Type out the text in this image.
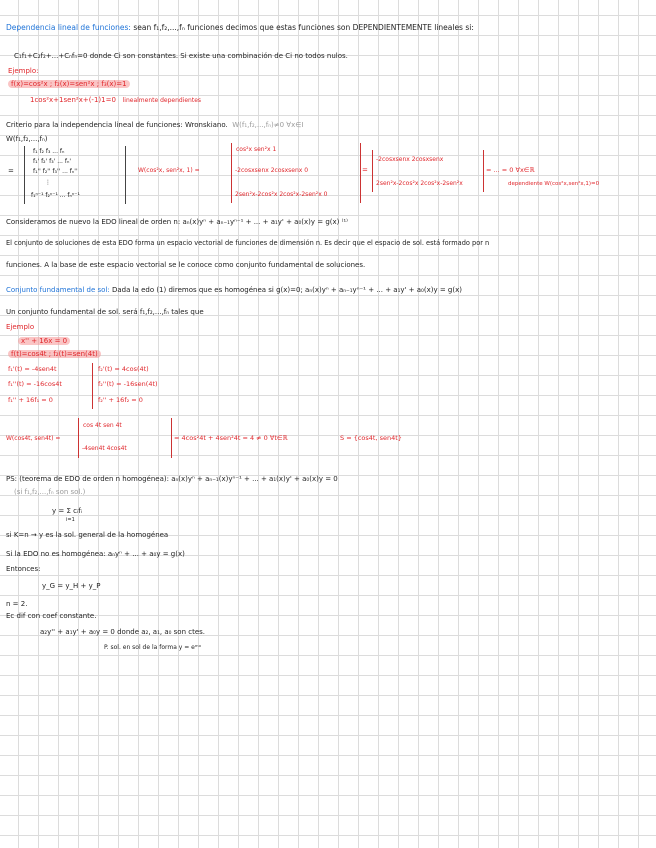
Dependencia lineal de funciones: sean f₁,f₂,...,fₙ funciones decimos que estas funciones son DEPENDIENTEMENTE lineales si:
C₁f₁+C₂f₂+...+Cₙfₙ=0 donde Ci son constantes. Si existe una combinación de Ci no todos nulos.
Ejemplo:
f(x)=cos²x ; f₂(x)=sen²x ; f₃(x)=1
1cos²x+1sen²x+(-1)1=0 linealmente dependientes
Criterio para la independencia lineal de funciones: Wronskiano. W(f₁,f₂,...,fₙ)≠0 ∀x∈I
W(f₁,f₂,...,fₙ)
=
f₁ f₂ f₃ ... fₙ
f₁' f₂' f₃' ... fₙ'
f₁'' f₂'' f₃'' ... fₙ''
⋮
f₁ⁿ⁻¹ f₂ⁿ⁻¹ ... fₙⁿ⁻¹
W(cos²x, sen²x, 1) =
cos²x sen²x 1
-2cosxsenx 2cosxsenx 0
2sen²x-2cos²x 2cos²x-2sen²x 0
=
-2cosxsenx 2cosxsenx
2sen²x-2cos²x 2cos²x-2sen²x
= ... = 0 ∀x∈ℝ
dependiente W(cos²x,sen²x,1)=0
Consideramos de nuevo la EDO lineal de orden n: aₙ(x)yⁿ + aₙ₋₁yⁿ⁻¹ + ... + a₁y' + a₀(x)y = g(x) ⁽¹⁾
El conjunto de soluciones de esta EDO forma un espacio vectorial de funciones de dimensión n. Es decir que el espacio de sol. está formado por n
funciones. A la base de este espacio vectorial se le conoce como conjunto fundamental de soluciones.
Conjunto fundamental de sol: Dada la edo (1) diremos que es homogénea si g(x)=0; aₙ(x)yⁿ + aₙ₋₁yⁿ⁻¹ + ... + a₁y' + a₀(x)y = g(x)
Un conjunto fundamental de sol. será f₁,f₂,...,fₙ tales que
Ejemplo
x'' + 16x = 0
f(t)=cos4t ; f₂(t)=sen(4t)
f₁'(t) = -4sen4t
f₁''(t) = -16cos4t
f₁'' + 16f₁ = 0
f₂'(t) = 4cos(4t)
f₂''(t) = -16sen(4t)
f₂'' + 16f₂ = 0
W(cos4t, sen4t) =
cos 4t sen 4t
-4sen4t 4cos4t
= 4cos²4t + 4sen²4t = 4 ≠ 0 ∀t∈ℝ	S = {cos4t, sen4t}
PS: (teorema de EDO de orden n homogénea): aₙ(x)yⁿ + aₙ₋₁(x)yⁿ⁻¹ + ... + a₁(x)y' + a₀(x)y = 0
(si f₁,f₂,...,fₙ son sol.)
y = Σ cᵢfᵢ
i=1
si K=n → y es la sol. general de la homogénea
Si la EDO no es homogénea: aₙyⁿ + ... + a₀y = g(x)
Entonces:
y_G = y_H + y_P
n = 2.
Ec dif con coef constante.
a₂y'' + a₁y' + a₀y = 0 donde a₂, a₁, a₀ son ctes.
P. sol. en sol de la forma y = eᵐˣ
